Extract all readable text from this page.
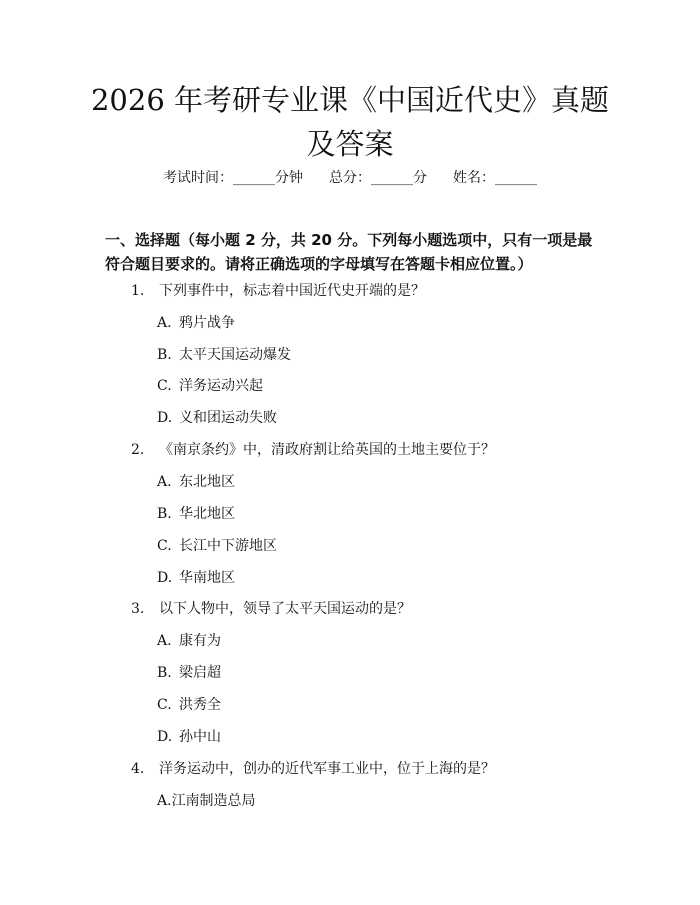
2026 年考研专业课《中国近代史》真题及答案
考试时间：______分钟 总分：______分 姓名：______

一、选择题（每小题 2 分，共 20 分。下列每小题选项中，只有一项是最符合题目要求的。请将正确选项的字母填写在答题卡相应位置。）

1. 下列事件中，标志着中国近代史开端的是？
A. 鸦片战争
B. 太平天国运动爆发
C. 洋务运动兴起
D. 义和团运动失败
2. 《南京条约》中，清政府割让给英国的土地主要位于？
A. 东北地区
B. 华北地区
C. 长江中下游地区
D. 华南地区
3. 以下人物中，领导了太平天国运动的是？
A. 康有为
B. 梁启超
C. 洪秀全
D. 孙中山
4. 洋务运动中，创办的近代军事工业中，位于上海的是？
A.江南制造总局
